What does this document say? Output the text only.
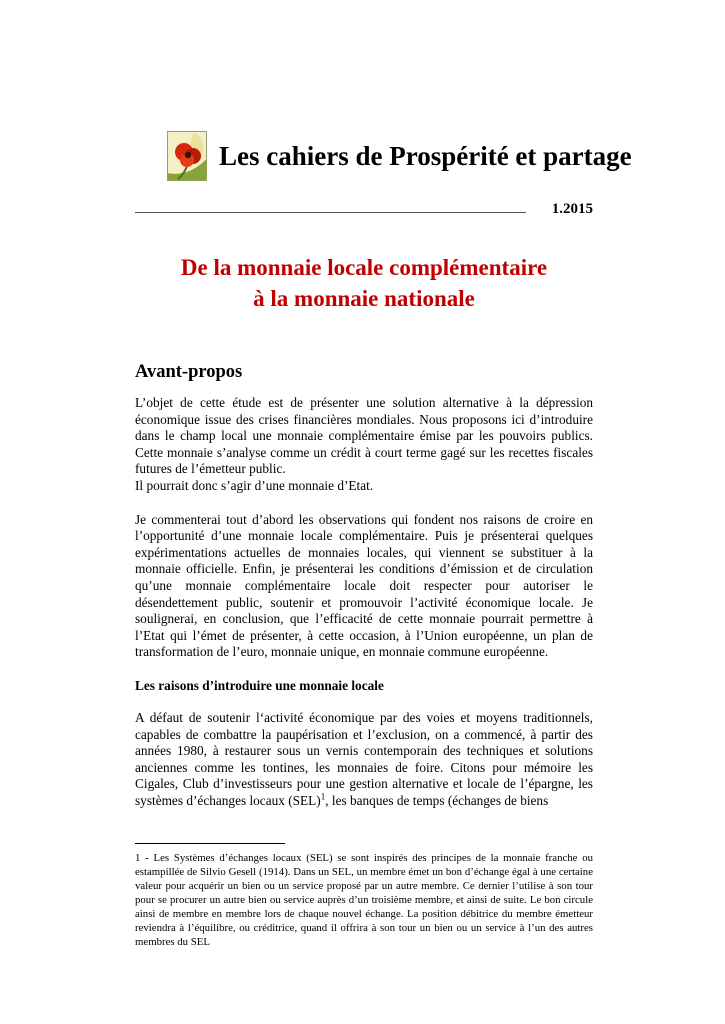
Les cahiers de Prospérité et partage
1.2015
De la monnaie locale complémentaire
à la monnaie nationale
Avant-propos

L’objet de cette étude est de présenter une solution alternative à la dépression économique issue des crises financières mondiales. Nous proposons ici d’introduire dans le champ local une monnaie complémentaire émise par les pouvoirs publics. Cette monnaie s’analyse comme un crédit à court terme gagé sur les recettes fiscales futures de l’émetteur public.
Il pourrait donc s’agir d’une monnaie d’Etat.

Je commenterai tout d’abord les observations qui fondent nos raisons de croire en l’opportunité d’une monnaie locale complémentaire. Puis je présenterai quelques expérimentations actuelles de monnaies locales, qui viennent se substituer à la monnaie officielle. Enfin, je présenterai les conditions d’émission et de circulation qu’une monnaie complémentaire locale doit respecter pour autoriser le désendettement public, soutenir et promouvoir l’activité économique locale. Je soulignerai, en conclusion, que l’efficacité de cette monnaie pourrait permettre à l’Etat qui l’émet de présenter, à cette occasion, à l’Union européenne, un plan de transformation de l’euro, monnaie unique, en monnaie commune européenne.

Les raisons d’introduire une monnaie locale

A défaut de soutenir l‘activité économique par des voies et moyens traditionnels, capables de combattre la paupérisation et l’exclusion, on a commencé, à partir des années 1980, à restaurer sous un vernis contemporain des techniques et solutions anciennes comme les tontines, les monnaies de foire. Citons pour mémoire les Cigales, Club d’investisseurs pour une gestion alternative et locale de l’épargne, les systèmes d’échanges locaux (SEL)$^1$, les banques de temps (échanges de biens

1 - Les Systèmes d’échanges locaux (SEL) se sont inspirés des principes de la monnaie franche ou estampillée de Silvio Gesell (1914). Dans un SEL, un membre émet un bon d’échange égal à une certaine valeur pour acquérir un bien ou un service proposé par un autre membre. Ce dernier l’utilise à son tour pour se procurer un autre bien ou service auprès d’un troisième membre, et ainsi de suite. Le bon circule ainsi de membre en membre lors de chaque nouvel échange. La position débitrice du membre émetteur reviendra à l’équilibre, ou créditrice, quand il offrira à son tour un bien ou un service à l’un des autres membres du SEL
